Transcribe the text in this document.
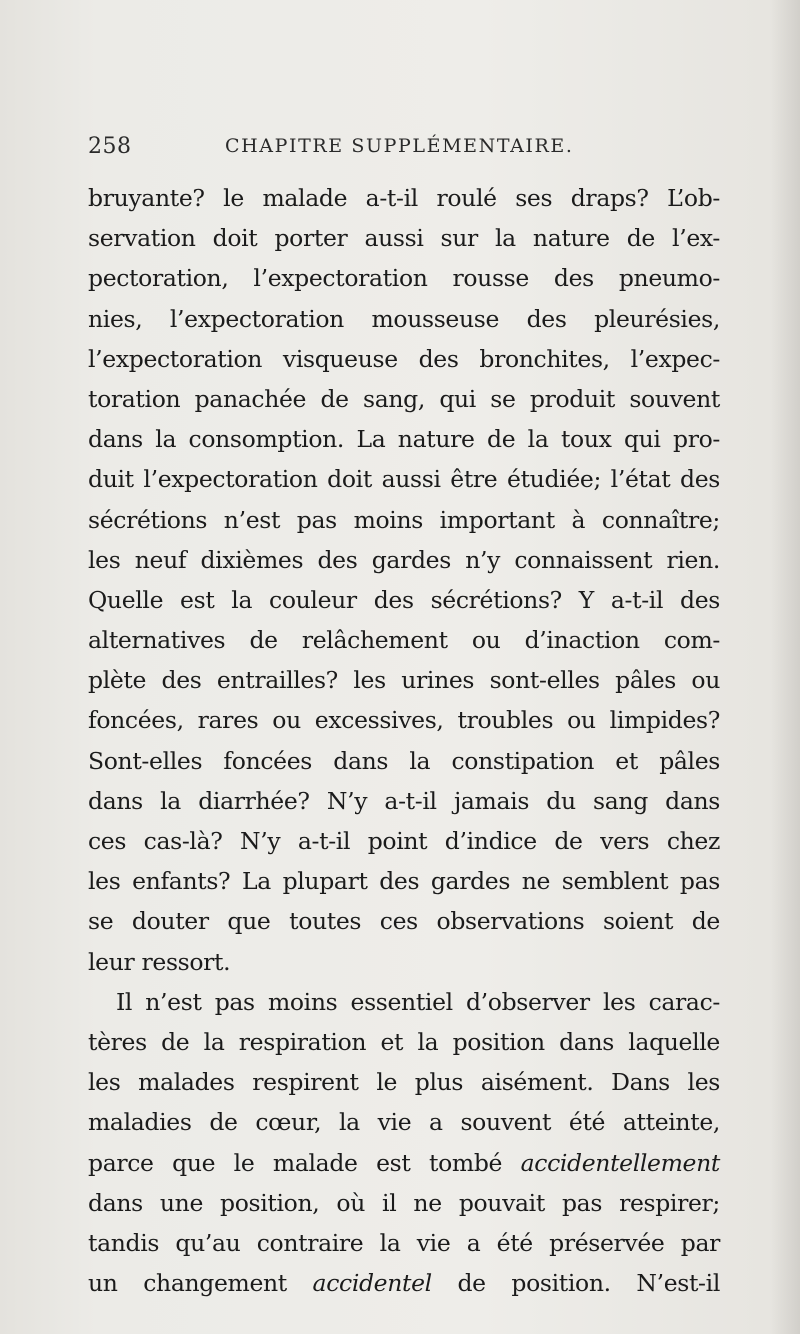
258	CHAPITRE SUPPLÉMENTAIRE.
bruyante? le malade a-t-il roulé ses draps? L’ob-
servation doit porter aussi sur la nature de l’ex-
pectoration, l’expectoration rousse des pneumo-
nies, l’expectoration mousseuse des pleurésies,
l’expectoration visqueuse des bronchites, l’expec-
toration panachée de sang, qui se produit souvent
dans la consomption. La nature de la toux qui pro-
duit l’expectoration doit aussi être étudiée; l’état des
sécrétions n’est pas moins important à connaître;
les neuf dixièmes des gardes n’y connaissent rien.
Quelle est la couleur des sécrétions? Y a-t-il des
alternatives de relâchement ou d’inaction com-
plète des entrailles? les urines sont-elles pâles ou
foncées, rares ou excessives, troubles ou limpides?
Sont-elles foncées dans la constipation et pâles
dans la diarrhée? N’y a-t-il jamais du sang dans
ces cas-là? N’y a-t-il point d’indice de vers chez
les enfants? La plupart des gardes ne semblent pas
se douter que toutes ces observations soient de
leur ressort.
Il n’est pas moins essentiel d’observer les carac-
tères de la respiration et la position dans laquelle
les malades respirent le plus aisément. Dans les
maladies de cœur, la vie a souvent été atteinte,
parce que le malade est tombé accidentellement
dans une position, où il ne pouvait pas respirer;
tandis qu’au contraire la vie a été préservée par
un changement accidentel de position. N’est-il
